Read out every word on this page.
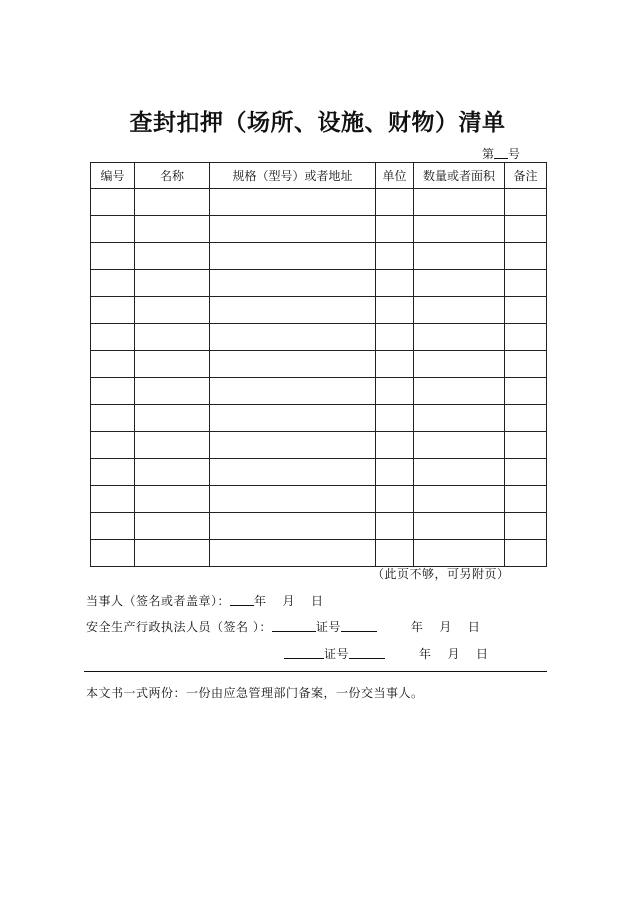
查封扣押（场所、设施、财物）清单
第 号
编号	名称	规格（型号）或者地址	单位	数量或者面积	备注

（此页不够，可另附页）
当事人（签名或者盖章）： 年 月 日
安全生产行政执法人员（签名 ）：	证号	年 月 日
证号	年 月 日
本文书一式两份：一份由应急管理部门备案，一份交当事人。
